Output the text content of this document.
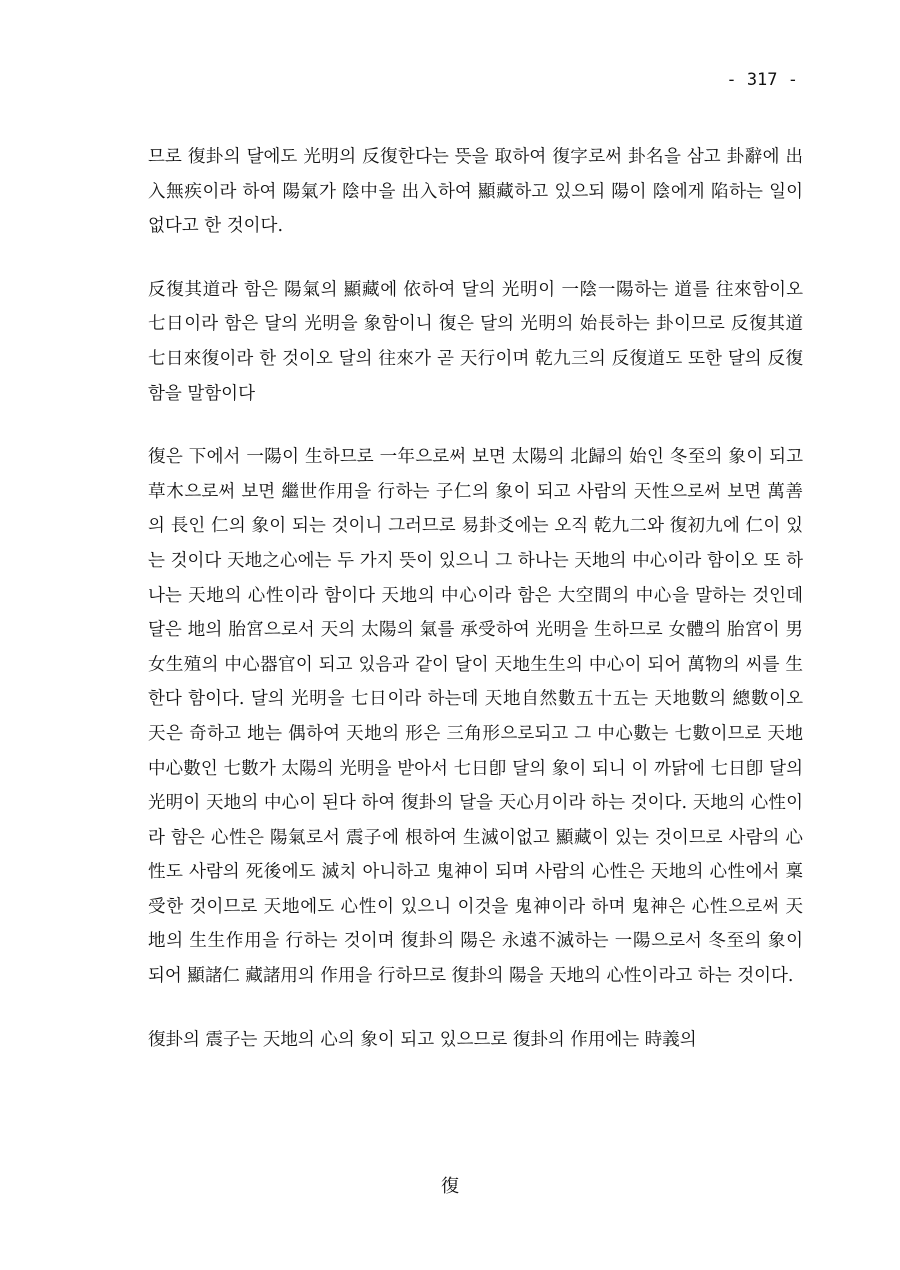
- 317 -

므로 復卦의 달에도 光明의 反復한다는 뜻을 取하여 復字로써 卦名을 삼고 卦辭에 出入無疾이라 하여 陽氣가 陰中을 出入하여 顯藏하고 있으되 陽이 陰에게 陷하는 일이 없다고 한 것이다.

反復其道라 함은 陽氣의 顯藏에 依하여 달의 光明이 一陰一陽하는 道를 往來함이오 七日이라 함은 달의 光明을 象함이니 復은 달의 光明의 始長하는 卦이므로 反復其道七日來復이라 한 것이오 달의 往來가 곧 天行이며 乾九三의 反復道도 또한 달의 反復함을 말함이다

復은 下에서 一陽이 生하므로 一年으로써 보면 太陽의 北歸의 始인 冬至의 象이 되고 草木으로써 보면 繼世作用을 行하는 子仁의 象이 되고 사람의 天性으로써 보면 萬善의 長인 仁의 象이 되는 것이니 그러므로 易卦爻에는 오직 乾九二와 復初九에 仁이 있는 것이다 天地之心에는 두 가지 뜻이 있으니 그 하나는 天地의 中心이라 함이오 또 하나는 天地의 心性이라 함이다 天地의 中心이라 함은 大空間의 中心을 말하는 것인데 달은 地의 胎宮으로서 天의 太陽의 氣를 承受하여 光明을 生하므로 女體의 胎宮이 男女生殖의 中心器官이 되고 있음과 같이 달이 天地生生의 中心이 되어 萬物의 씨를 生한다 함이다. 달의 光明을 七日이라 하는데 天地自然數五十五는 天地數의 總數이오 天은 奇하고 地는 偶하여 天地의 形은 三角形으로되고 그 中心數는 七數이므로 天地中心數인 七數가 太陽의 光明을 받아서 七日卽 달의 象이 되니 이 까닭에 七日卽 달의 光明이 天地의 中心이 된다 하여 復卦의 달을 天心月이라 하는 것이다. 天地의 心性이라 함은 心性은 陽氣로서 震子에 根하여 生滅이없고 顯藏이 있는 것이므로 사람의 心性도 사람의 死後에도 滅치 아니하고 鬼神이 되며 사람의 心性은 天地의 心性에서 稟受한 것이므로 天地에도 心性이 있으니 이것을 鬼神이라 하며 鬼神은 心性으로써 天地의 生生作用을 行하는 것이며 復卦의 陽은 永遠不滅하는 一陽으로서 冬至의 象이 되어 顯諸仁 藏諸用의 作用을 行하므로 復卦의 陽을 天地의 心性이라고 하는 것이다.

復卦의 震子는 天地의 心의 象이 되고 있으므로 復卦의 作用에는 時義의

復
